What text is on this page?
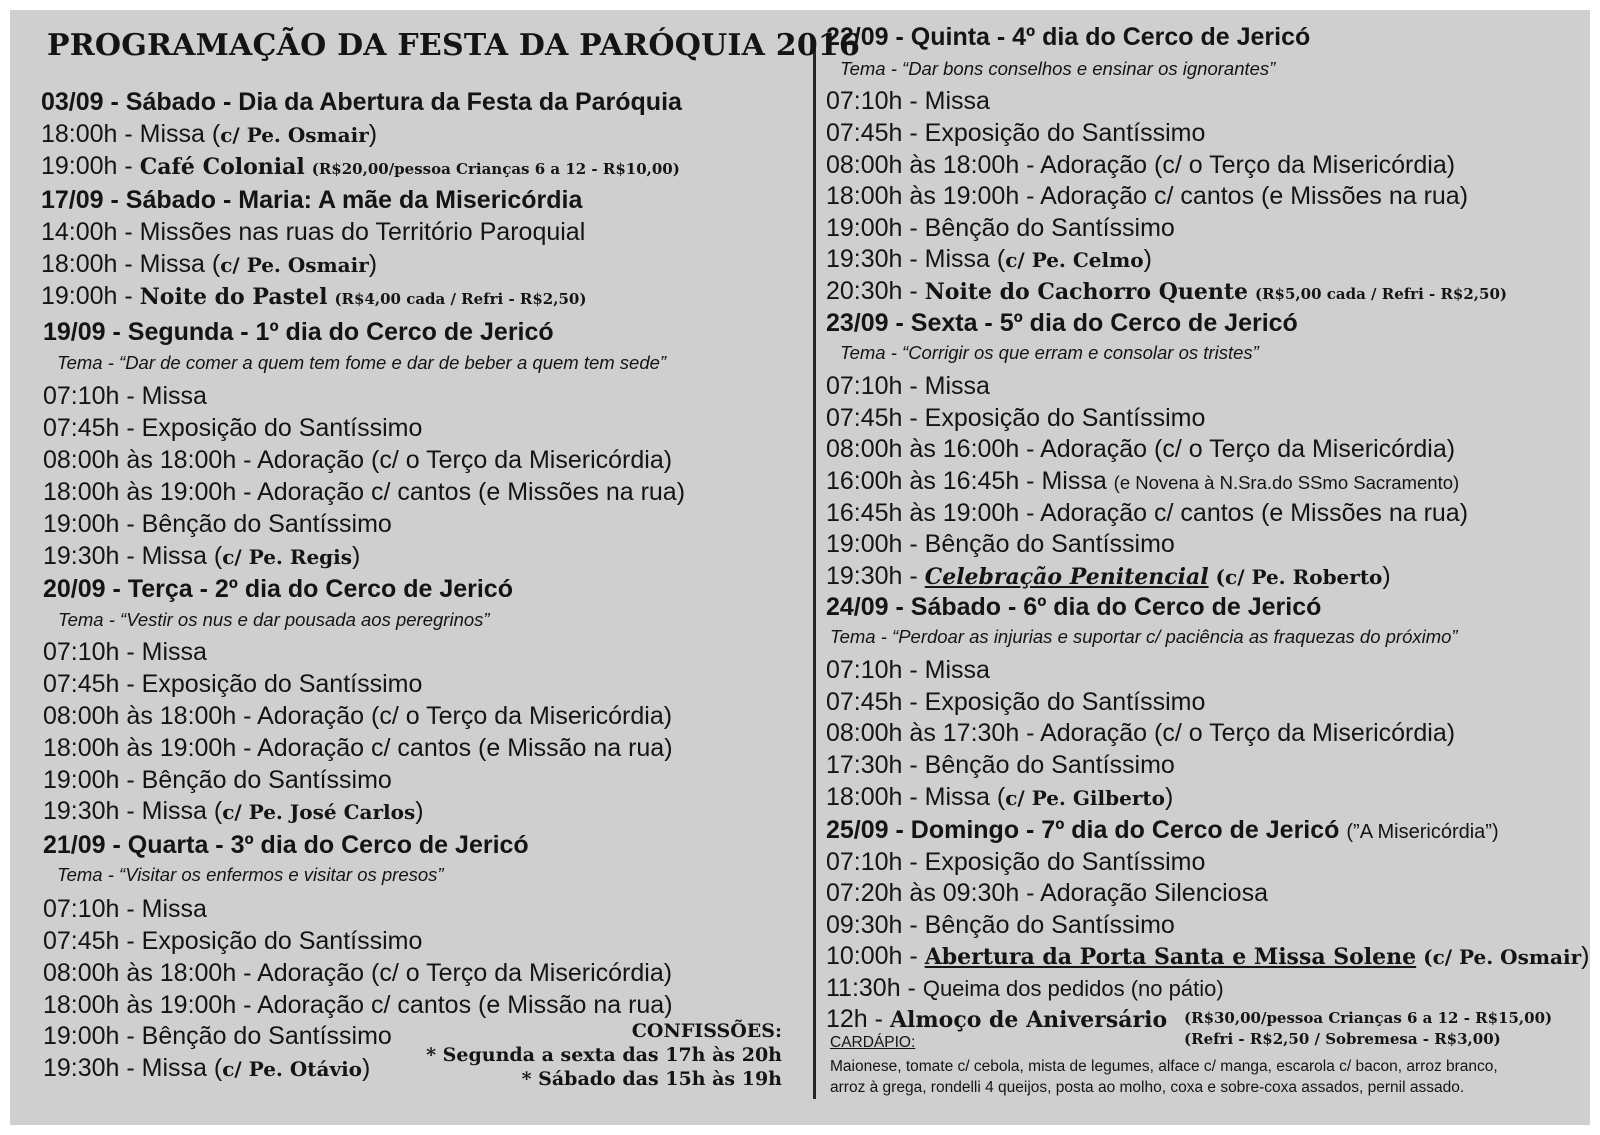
PROGRAMAÇÃO DA FESTA DA PARÓQUIA 2016
03/09 - Sábado - Dia da Abertura da Festa da Paróquia
18:00h - Missa (c/ Pe. Osmair)
19:00h - Café Colonial (R$20,00/pessoa Crianças 6 a 12 - R$10,00)
17/09 - Sábado - Maria: A mãe da Misericórdia
14:00h - Missões nas ruas do Território Paroquial
18:00h - Missa (c/ Pe. Osmair)
19:00h - Noite do Pastel (R$4,00 cada / Refri - R$2,50)
19/09 - Segunda - 1º dia do Cerco de Jericó
Tema - “Dar de comer a quem tem fome e dar de beber a quem tem sede”
07:10h - Missa
07:45h - Exposição do Santíssimo
08:00h às 18:00h - Adoração (c/ o Terço da Misericórdia)
18:00h às 19:00h - Adoração c/ cantos (e Missões na rua)
19:00h - Bênção do Santíssimo
19:30h - Missa (c/ Pe. Regis)
20/09 - Terça - 2º dia do Cerco de Jericó
Tema - “Vestir os nus e dar pousada aos peregrinos”
07:10h - Missa
07:45h - Exposição do Santíssimo
08:00h às 18:00h - Adoração (c/ o Terço da Misericórdia)
18:00h às 19:00h - Adoração c/ cantos (e Missão na rua)
19:00h - Bênção do Santíssimo
19:30h - Missa (c/ Pe. José Carlos)
21/09 - Quarta - 3º dia do Cerco de Jericó
Tema - “Visitar os enfermos e visitar os presos”
07:10h - Missa
07:45h - Exposição do Santíssimo
08:00h às 18:00h - Adoração (c/ o Terço da Misericórdia)
18:00h às 19:00h - Adoração c/ cantos (e Missão na rua)
19:00h - Bênção do Santíssimo
19:30h - Missa (c/ Pe. Otávio)
CONFISSÕES:
* Segunda a sexta das 17h às 20h
* Sábado das 15h às 19h
22/09 - Quinta - 4º dia do Cerco de Jericó
Tema - “Dar bons conselhos e ensinar os ignorantes”
07:10h - Missa
07:45h - Exposição do Santíssimo
08:00h às 18:00h - Adoração (c/ o Terço da Misericórdia)
18:00h às 19:00h - Adoração c/ cantos (e Missões na rua)
19:00h - Bênção do Santíssimo
19:30h - Missa (c/ Pe. Celmo)
20:30h - Noite do Cachorro Quente (R$5,00 cada / Refri - R$2,50)
23/09 - Sexta - 5º dia do Cerco de Jericó
Tema - “Corrigir os que erram e consolar os tristes”
07:10h - Missa
07:45h - Exposição do Santíssimo
08:00h às 16:00h - Adoração (c/ o Terço da Misericórdia)
16:00h às 16:45h - Missa (e Novena à N.Sra.do SSmo Sacramento)
16:45h às 19:00h - Adoração c/ cantos (e Missões na rua)
19:00h - Bênção do Santíssimo
19:30h - Celebração Penitencial (c/ Pe. Roberto)
24/09 - Sábado - 6º dia do Cerco de Jericó
Tema - “Perdoar as injurias e suportar c/ paciência as fraquezas do próximo”
07:10h - Missa
07:45h - Exposição do Santíssimo
08:00h às 17:30h - Adoração (c/ o Terço da Misericórdia)
17:30h - Bênção do Santíssimo
18:00h - Missa (c/ Pe. Gilberto)
25/09 - Domingo - 7º dia do Cerco de Jericó (”A Misericórdia”)
07:10h - Exposição do Santíssimo
07:20h às 09:30h - Adoração Silenciosa
09:30h - Bênção do Santíssimo
10:00h - Abertura da Porta Santa e Missa Solene (c/ Pe. Osmair)
11:30h - Queima dos pedidos (no pátio)
12h - Almoço de Aniversário (R$30,00/pessoa Crianças 6 a 12 - R$15,00)
(Refri - R$2,50 / Sobremesa - R$3,00)
CARDÁPIO:
Maionese, tomate c/ cebola, mista de legumes, alface c/ manga, escarola c/ bacon, arroz branco,
arroz à grega, rondelli 4 queijos, posta ao molho, coxa e sobre-coxa assados, pernil assado.
